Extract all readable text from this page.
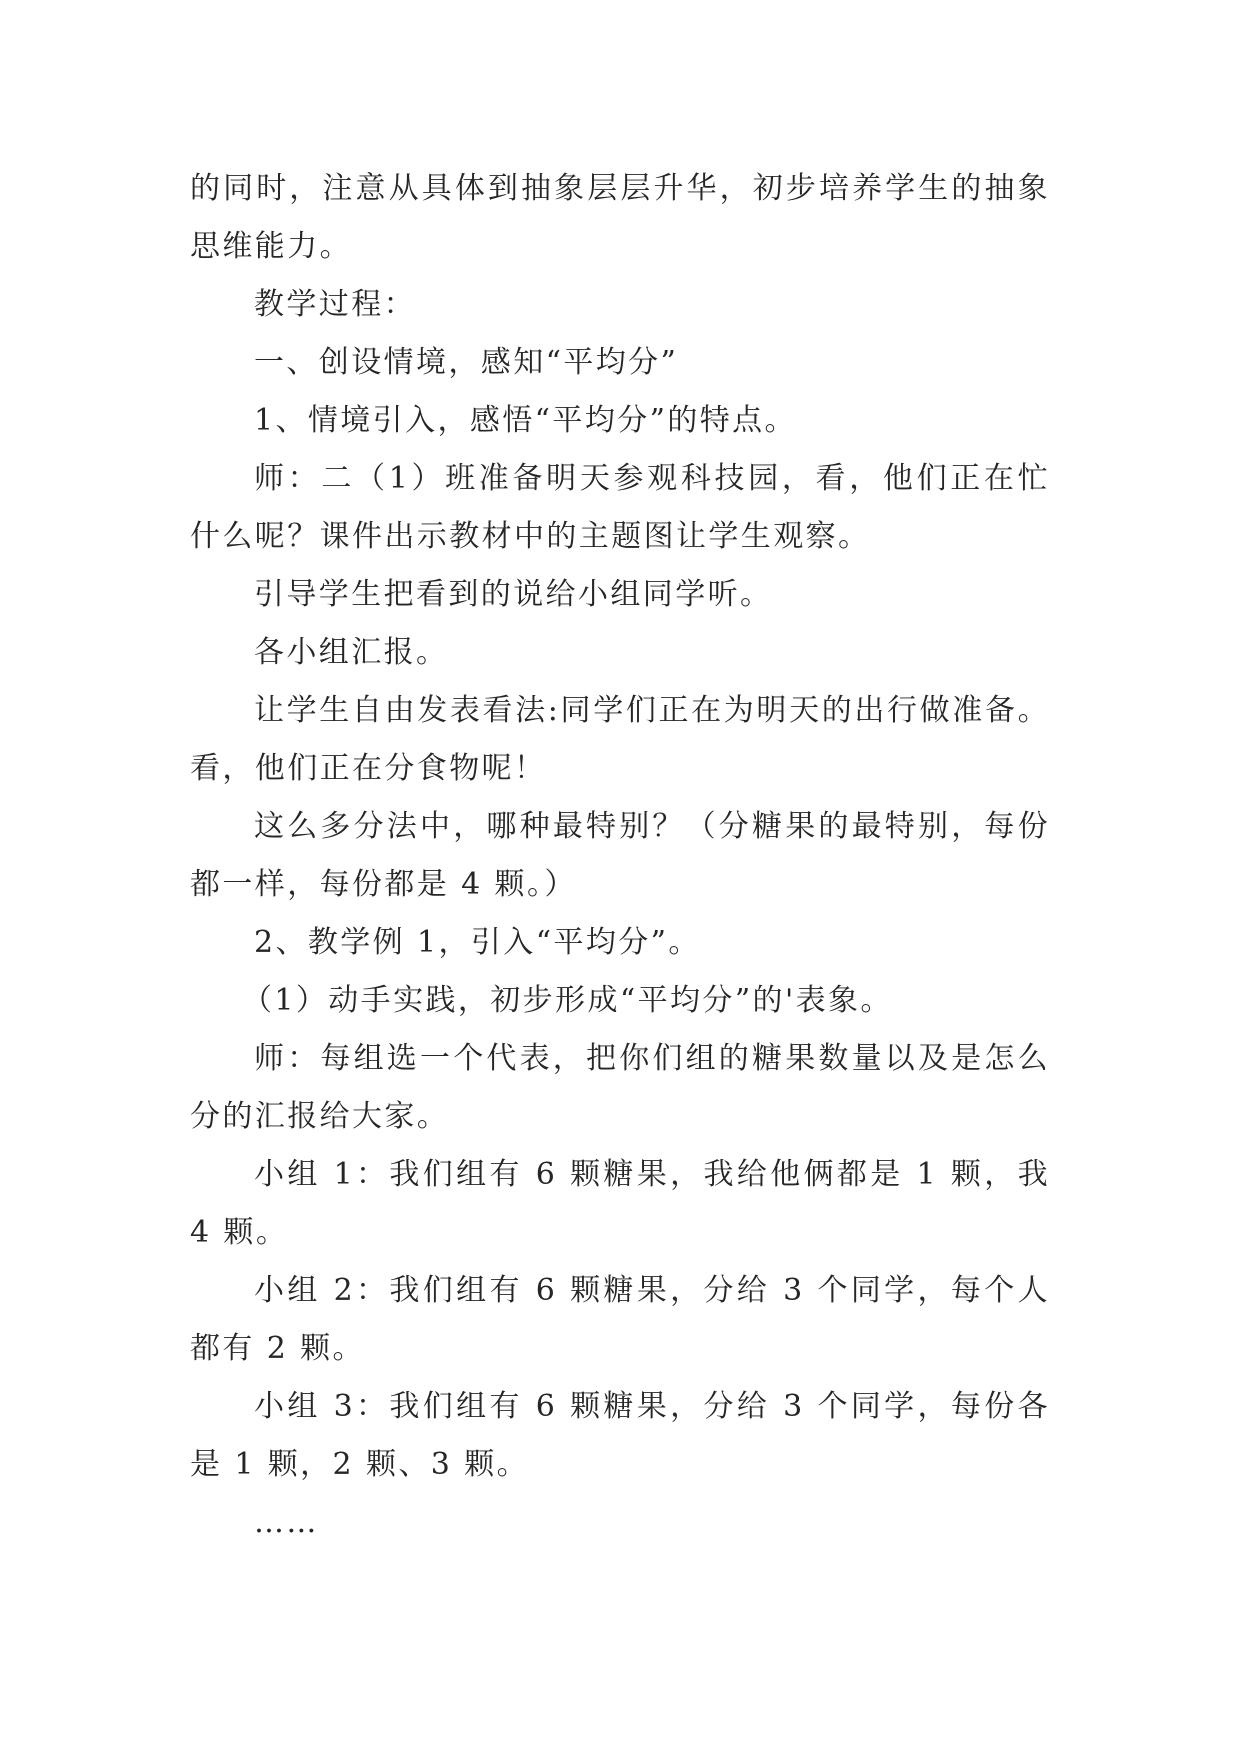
的同时，注意从具体到抽象层层升华，初步培养学生的抽象思维能力。

教学过程：

一、创设情境，感知“平均分”

1、情境引入，感悟“平均分”的特点。

师：二（1）班准备明天参观科技园，看，他们正在忙什么呢？课件出示教材中的主题图让学生观察。

引导学生把看到的说给小组同学听。

各小组汇报。

让学生自由发表看法:同学们正在为明天的出行做准备。看，他们正在分食物呢！

这么多分法中，哪种最特别？（分糖果的最特别，每份都一样，每份都是 4 颗。）

2、教学例 1，引入“平均分”。

（1）动手实践，初步形成“平均分”的'表象。

师：每组选一个代表，把你们组的糖果数量以及是怎么分的汇报给大家。

小组 1：我们组有 6 颗糖果，我给他俩都是 1 颗，我 4 颗。

小组 2：我们组有 6 颗糖果，分给 3 个同学，每个人都有 2 颗。

小组 3：我们组有 6 颗糖果，分给 3 个同学，每份各是 1 颗，2 颗、3 颗。

……
